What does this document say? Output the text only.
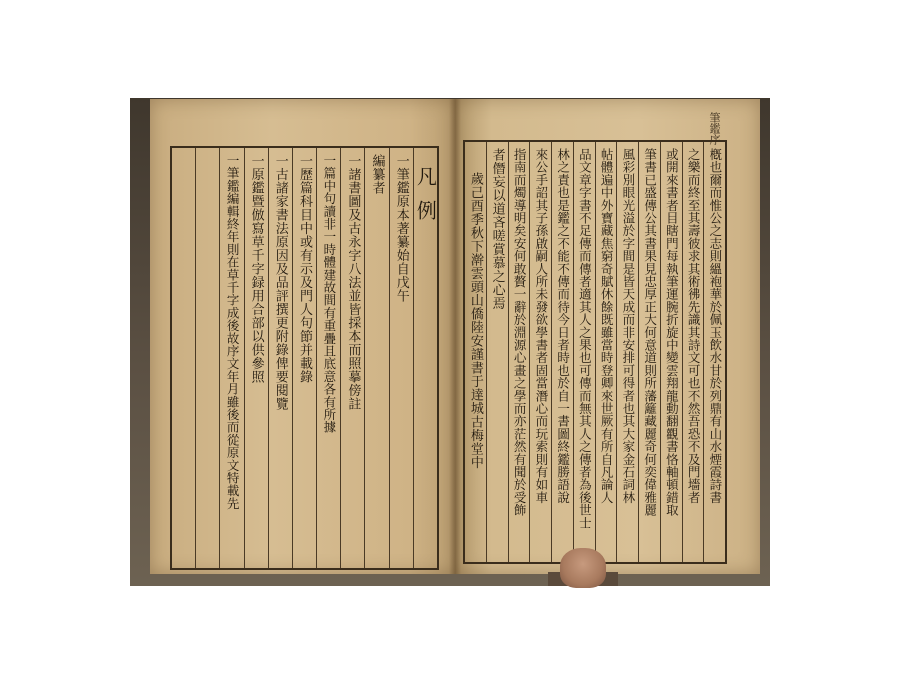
凡例
一筆鑑原本著纂始自戊午
編纂者
一諸書圖及古永字八法並皆採本而照摹傍註
一篇中句讀非一時體建故間有重疊且底意各有所據
一歷篇科目中或有示及門人句節并載錄
一古諸家書法原因及品評撰更附錄俾要閱覽
一原鑑暨倣寫草千字録用合部以供參照
一筆鑑編輯終年則在草千字成後故序文年月雖後而從原文特載先
筆鑑序
槪也爾而惟公之志則縕袍華於佩玉飲水甘於列鼎有山水煙霞詩書
之樂而終至其壽彼求其術彿先識其詩文可也不然吾恐不及門墻者
或開來書者目瞎門每執筆運腕折旋中變雲翔龍動翻觀書恪軸頓錯取
筆書已盛傳公其書果見忠厚正大何意道則所藩籬藏麗奇何奕偉雅麗
風彩別眼光溢於字間是皆天成而非安排可得者也其大家金石詞林
帖體遍中外寶藏焦窮奇賦休餘既雖當時登卿來世厥有所自凡論人
品文章字書不足傳而傳者適其人之果也可傳而無其人之傳者為後世士
林之責也是鑑之不能不傳而待今日者時也於自一書圖終鑑勝語說
來公手詔其子孫啟嗣人所未發欲學書者固當潛心而玩索則有如車
指南而燭導明矣安何敢贅一辭於淵源心畫之學而亦茫然有聞於受飾
者僭妄以道吝嗟賞慕之心焉
歲己酉季秋下澣雲頭山僑陸安謹書于達城古梅堂中
